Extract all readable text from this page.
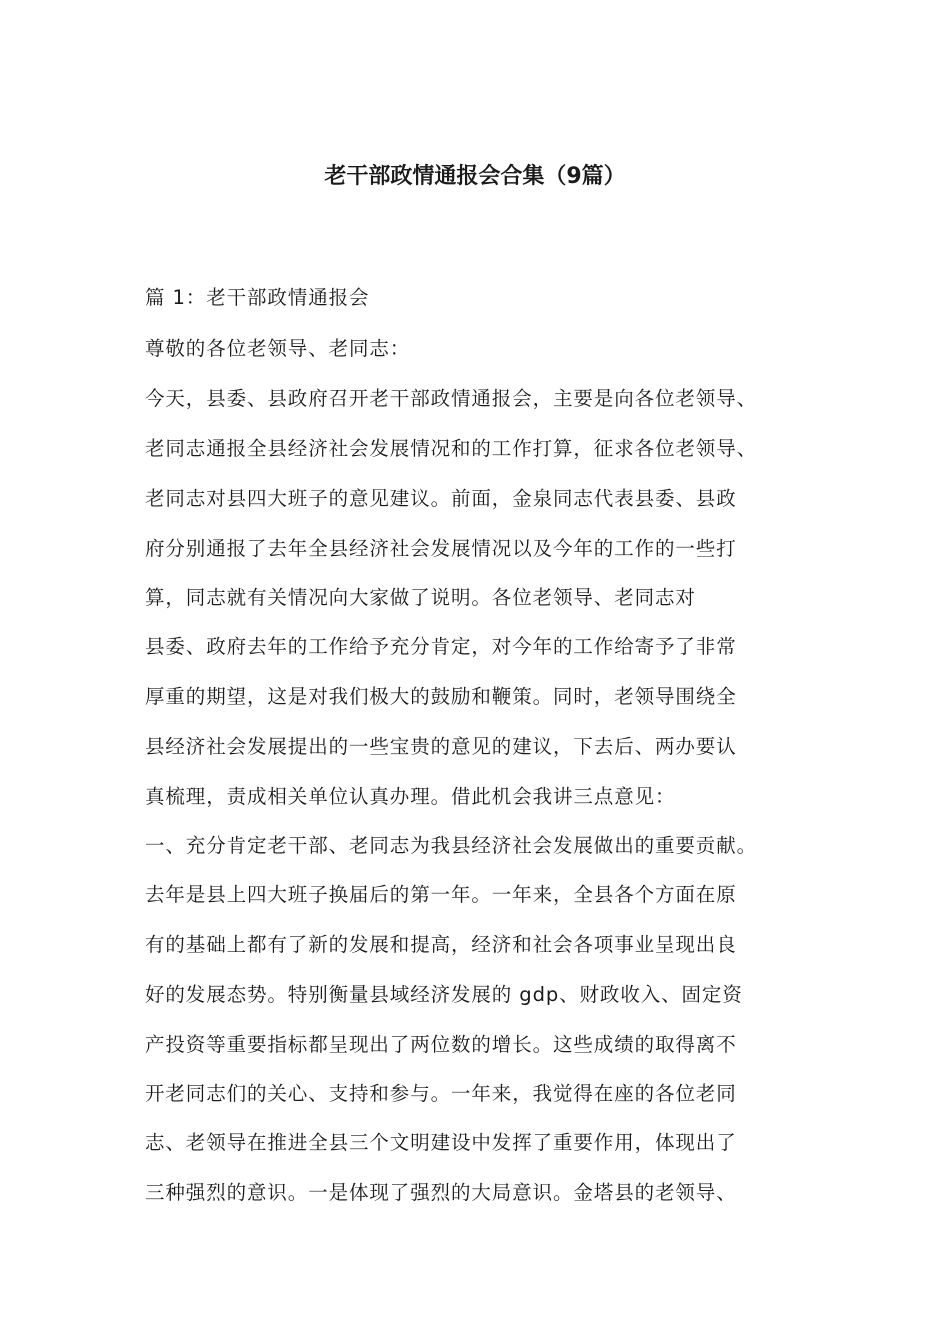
老干部政情通报会合集（9篇）
篇 1：老干部政情通报会
尊敬的各位老领导、老同志：
今天，县委、县政府召开老干部政情通报会，主要是向各位老领导、
老同志通报全县经济社会发展情况和的工作打算，征求各位老领导、
老同志对县四大班子的意见建议。前面，金泉同志代表县委、县政
府分别通报了去年全县经济社会发展情况以及今年的工作的一些打
算，同志就有关情况向大家做了说明。各位老领导、老同志对
县委、政府去年的工作给予充分肯定，对今年的工作给寄予了非常
厚重的期望，这是对我们极大的鼓励和鞭策。同时，老领导围绕全
县经济社会发展提出的一些宝贵的意见的建议，下去后、两办要认
真梳理，责成相关单位认真办理。借此机会我讲三点意见：
一、充分肯定老干部、老同志为我县经济社会发展做出的重要贡献。
去年是县上四大班子换届后的第一年。一年来，全县各个方面在原
有的基础上都有了新的发展和提高，经济和社会各项事业呈现出良
好的发展态势。特别衡量县域经济发展的 gdp、财政收入、固定资
产投资等重要指标都呈现出了两位数的增长。这些成绩的取得离不
开老同志们的关心、支持和参与。一年来，我觉得在座的各位老同
志、老领导在推进全县三个文明建设中发挥了重要作用，体现出了
三种强烈的意识。一是体现了强烈的大局意识。金塔县的老领导、
